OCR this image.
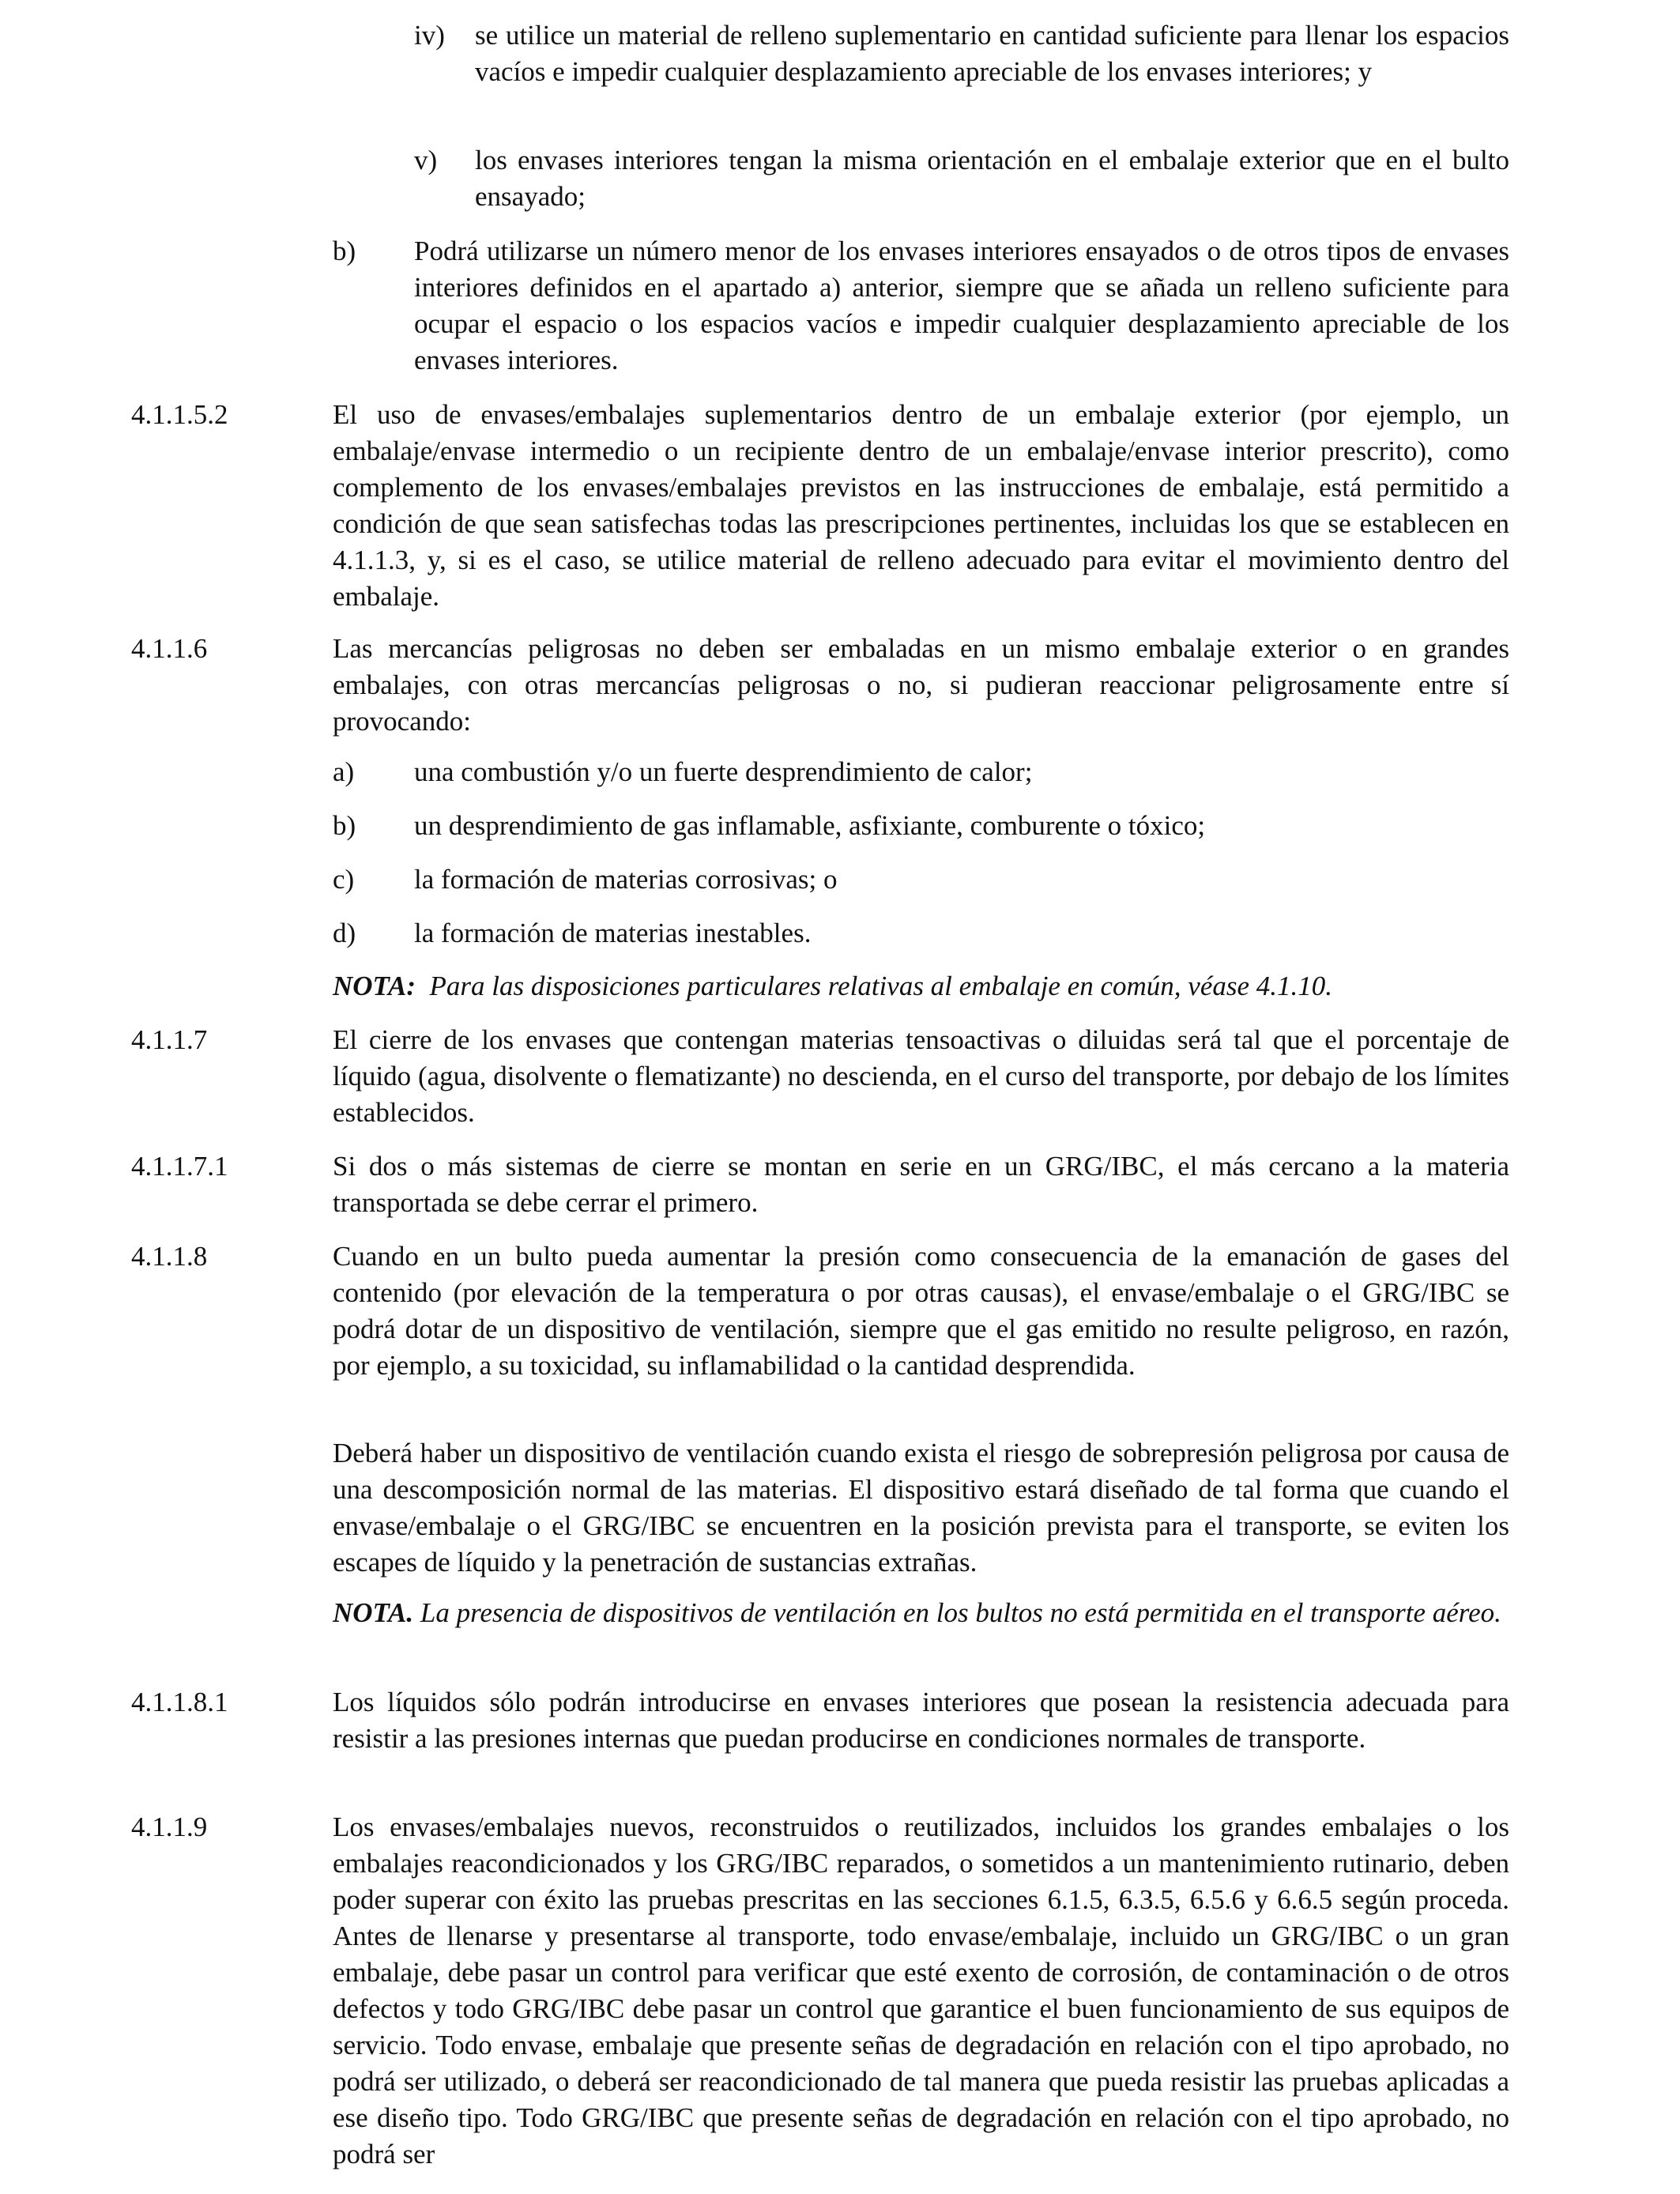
iv) se utilice un material de relleno suplementario en cantidad suficiente para llenar los espacios vacíos e impedir cualquier desplazamiento apreciable de los envases interiores; y

v) los envases interiores tengan la misma orientación en el embalaje exterior que en el bulto ensayado;

b) Podrá utilizarse un número menor de los envases interiores ensayados o de otros tipos de envases interiores definidos en el apartado a) anterior, siempre que se añada un relleno suficiente para ocupar el espacio o los espacios vacíos e impedir cualquier desplazamiento apreciable de los envases interiores.

4.1.1.5.2	El uso de envases/embalajes suplementarios dentro de un embalaje exterior (por ejemplo, un embalaje/envase intermedio o un recipiente dentro de un embalaje/envase interior prescrito), como complemento de los envases/embalajes previstos en las instrucciones de embalaje, está permitido a condición de que sean satisfechas todas las prescripciones pertinentes, incluidas los que se establecen en 4.1.1.3, y, si es el caso, se utilice material de relleno adecuado para evitar el movimiento dentro del embalaje.

4.1.1.6	Las mercancías peligrosas no deben ser embaladas en un mismo embalaje exterior o en grandes embalajes, con otras mercancías peligrosas o no, si pudieran reaccionar peligrosamente entre sí provocando:

a) una combustión y/o un fuerte desprendimiento de calor;

b) un desprendimiento de gas inflamable, asfixiante, comburente o tóxico;

c) la formación de materias corrosivas; o

d) la formación de materias inestables.

NOTA: Para las disposiciones particulares relativas al embalaje en común, véase 4.1.10.

4.1.1.7	El cierre de los envases que contengan materias tensoactivas o diluidas será tal que el porcentaje de líquido (agua, disolvente o flematizante) no descienda, en el curso del transporte, por debajo de los límites establecidos.

4.1.1.7.1	Si dos o más sistemas de cierre se montan en serie en un GRG/IBC, el más cercano a la materia transportada se debe cerrar el primero.

4.1.1.8	Cuando en un bulto pueda aumentar la presión como consecuencia de la emanación de gases del contenido (por elevación de la temperatura o por otras causas), el envase/embalaje o el GRG/IBC se podrá dotar de un dispositivo de ventilación, siempre que el gas emitido no resulte peligroso, en razón, por ejemplo, a su toxicidad, su inflamabilidad o la cantidad desprendida.

Deberá haber un dispositivo de ventilación cuando exista el riesgo de sobrepresión peligrosa por causa de una descomposición normal de las materias. El dispositivo estará diseñado de tal forma que cuando el envase/embalaje o el GRG/IBC se encuentren en la posición prevista para el transporte, se eviten los escapes de líquido y la penetración de sustancias extrañas.

NOTA. La presencia de dispositivos de ventilación en los bultos no está permitida en el transporte aéreo.

4.1.1.8.1	Los líquidos sólo podrán introducirse en envases interiores que posean la resistencia adecuada para resistir a las presiones internas que puedan producirse en condiciones normales de transporte.

4.1.1.9	Los envases/embalajes nuevos, reconstruidos o reutilizados, incluidos los grandes embalajes o los embalajes reacondicionados y los GRG/IBC reparados, o sometidos a un mantenimiento rutinario, deben poder superar con éxito las pruebas prescritas en las secciones 6.1.5, 6.3.5, 6.5.6 y 6.6.5 según proceda. Antes de llenarse y presentarse al transporte, todo envase/embalaje, incluido un GRG/IBC o un gran embalaje, debe pasar un control para verificar que esté exento de corrosión, de contaminación o de otros defectos y todo GRG/IBC debe pasar un control que garantice el buen funcionamiento de sus equipos de servicio. Todo envase, embalaje que presente señas de degradación en relación con el tipo aprobado, no podrá ser utilizado, o deberá ser reacondicionado de tal manera que pueda resistir las pruebas aplicadas a ese diseño tipo. Todo GRG/IBC que presente señas de degradación en relación con el tipo aprobado, no podrá ser
